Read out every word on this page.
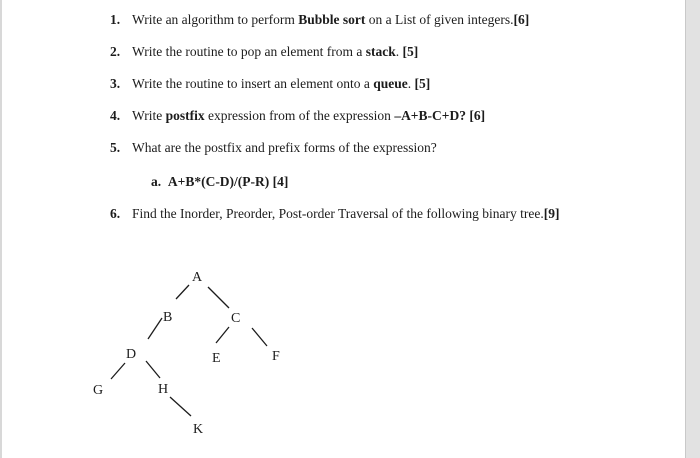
1. Write an algorithm to perform Bubble sort on a List of given integers.[6]
2. Write the routine to pop an element from a stack. [5]
3. Write the routine to insert an element onto a queue. [5]
4. Write postfix expression from of the expression –A+B-C+D? [6]
5. What are the postfix and prefix forms of the expression?
a. A+B*(C-D)/(P-R) [4]
6. Find the Inorder, Preorder, Post-order Traversal of the following binary tree.[9]
A
B	C
D	E	F
G	H
K
